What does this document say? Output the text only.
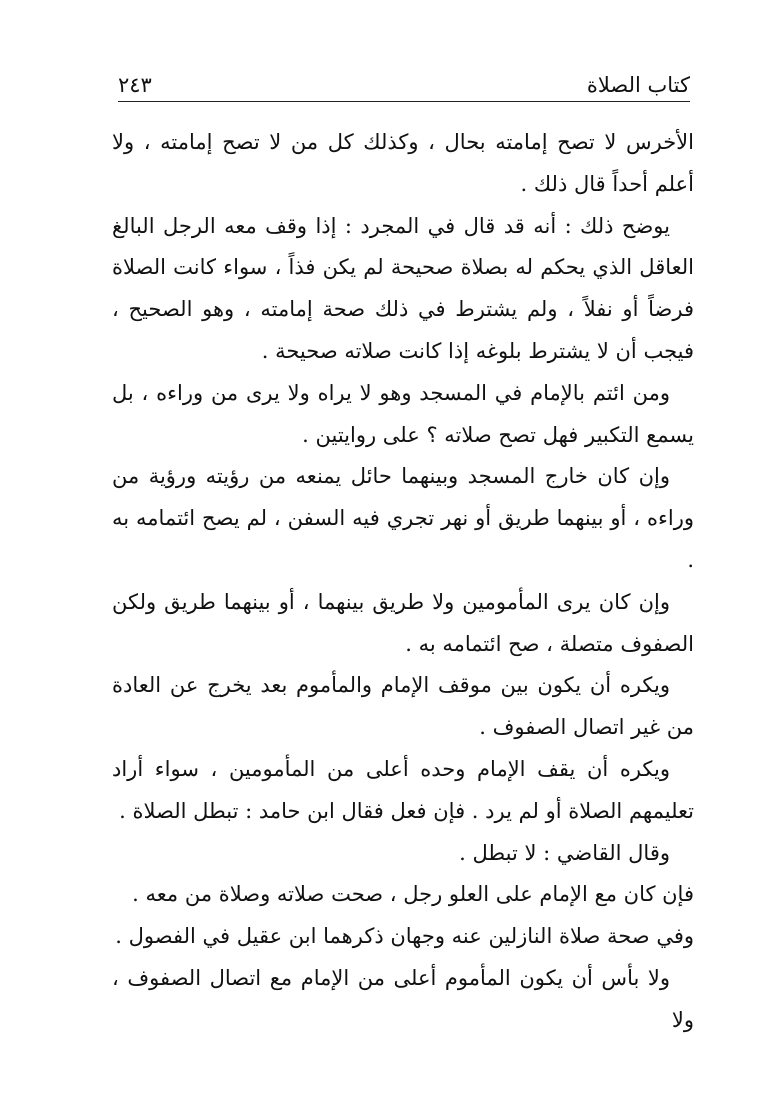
كتاب الصلاة
٢٤٣

الأخرس لا تصح إمامته بحال ، وكذلك كل من لا تصح إمامته ، ولا أعلم أحداً قال ذلك .

يوضح ذلك : أنه قد قال في المجرد : إذا وقف معه الرجل البالغ العاقل الذي يحكم له بصلاة صحيحة لم يكن فذاً ، سواء كانت الصلاة فرضاً أو نفلاً ، ولم يشترط في ذلك صحة إمامته ، وهو الصحيح ، فيجب أن لا يشترط بلوغه إذا كانت صلاته صحيحة .

ومن ائتم بالإمام في المسجد وهو لا يراه ولا يرى من وراءه ، بل يسمع التكبير فهل تصح صلاته ؟ على روايتين .

وإن كان خارج المسجد وبينهما حائل يمنعه من رؤيته ورؤية من وراءه ، أو بينهما طريق أو نهر تجري فيه السفن ، لم يصح ائتمامه به .

وإن كان يرى المأمومين ولا طريق بينهما ، أو بينهما طريق ولكن الصفوف متصلة ، صح ائتمامه به .

ويكره أن يكون بين موقف الإمام والمأموم بعد يخرج عن العادة من غير اتصال الصفوف .

ويكره أن يقف الإمام وحده أعلى من المأمومين ، سواء أراد تعليمهم الصلاة أو لم يرد . فإن فعل فقال ابن حامد : تبطل الصلاة .

وقال القاضي : لا تبطل .

فإن كان مع الإمام على العلو رجل ، صحت صلاته وصلاة من معه .

وفي صحة صلاة النازلين عنه وجهان ذكرهما ابن عقيل في الفصول .

ولا بأس أن يكون المأموم أعلى من الإمام مع اتصال الصفوف ، ولا
